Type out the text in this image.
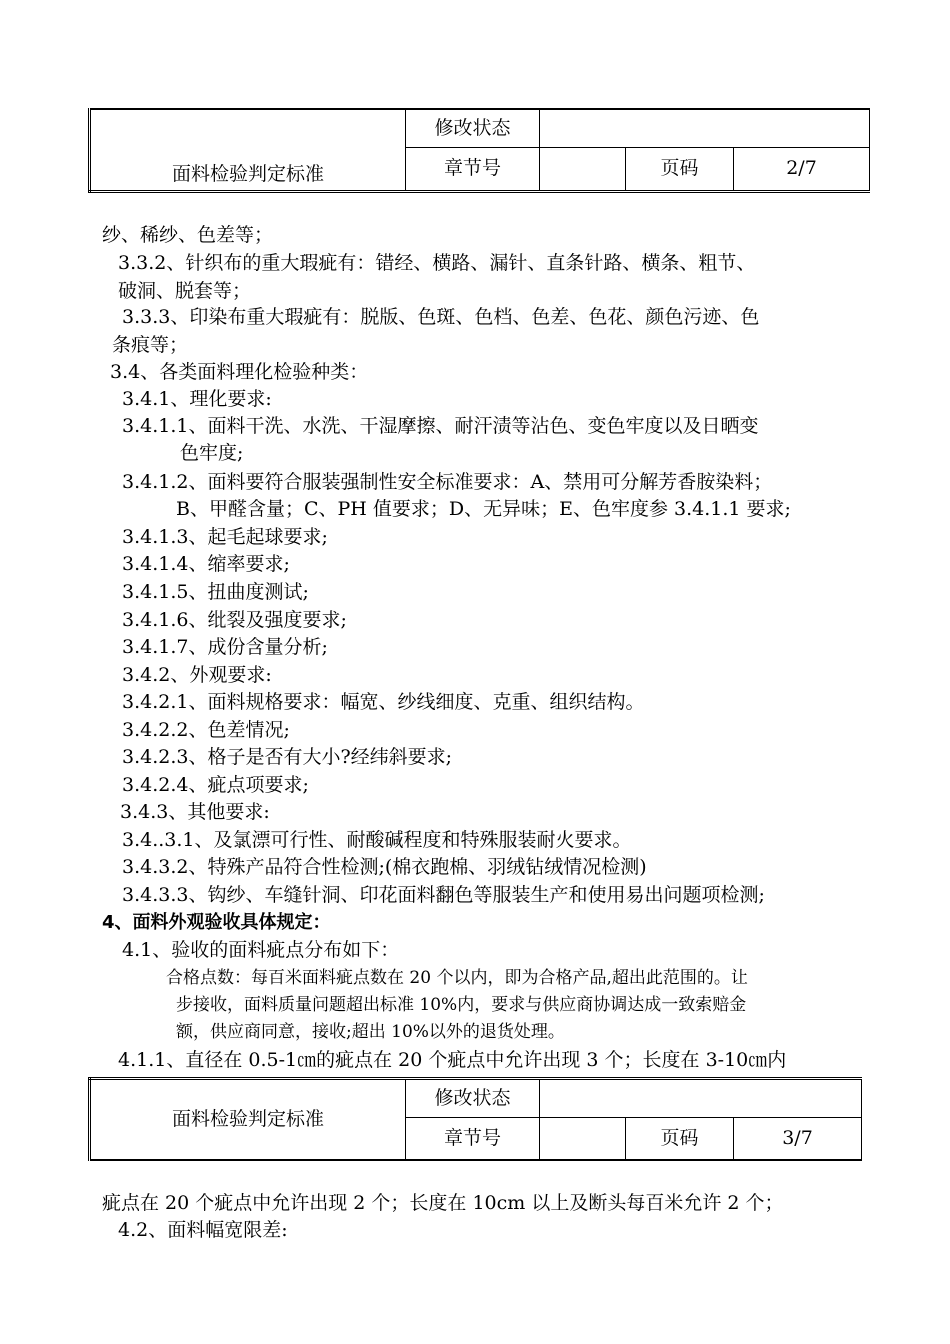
面料检验判定标准	修改状态			
	章节号		页码	2/7
纱、稀纱、色差等；
3.3.2、针织布的重大瑕疵有：错经、横路、漏针、直条针路、横条、粗节、
破洞、脱套等；
3.3.3、印染布重大瑕疵有：脱版、色斑、色档、色差、色花、颜色污迹、色
条痕等；
3.4、各类面料理化检验种类：
3.4.1、理化要求:
3.4.1.1、面料干洗、水洗、干湿摩擦、耐汗渍等沾色、变色牢度以及日晒变
色牢度;
3.4.1.2、面料要符合服装强制性安全标准要求：A、禁用可分解芳香胺染料；
B、甲醛含量；C、PH 值要求；D、无异味；E、色牢度参 3.4.1.1 要求;
3.4.1.3、起毛起球要求;
3.4.1.4、缩率要求;
3.4.1.5、扭曲度测试;
3.4.1.6、纰裂及强度要求;
3.4.1.7、成份含量分析;
3.4.2、外观要求:
3.4.2.1、面料规格要求：幅宽、纱线细度、克重、组织结构。
3.4.2.2、色差情况;
3.4.2.3、格子是否有大小?经纬斜要求;
3.4.2.4、疵点项要求;
3.4.3、其他要求:
3.4..3.1、及氯漂可行性、耐酸碱程度和特殊服装耐火要求。
3.4.3.2、特殊产品符合性检测;(棉衣跑棉、羽绒钻绒情况检测)
3.4.3.3、钩纱、车缝针洞、印花面料翻色等服装生产和使用易出问题项检测;
4、面料外观验收具体规定：
4.1、验收的面料疵点分布如下：
合格点数：每百米面料疵点数在 20 个以内，即为合格产品,超出此范围的。让
步接收，面料质量问题超出标准 10%内，要求与供应商协调达成一致索赔金
额，供应商同意，接收;超出 10%以外的退货处理。
4.1.1、直径在 0.5-1㎝的疵点在 20 个疵点中允许出现 3 个；长度在 3-10㎝内
面料检验判定标准	修改状态			
	章节号		页码	3/7
疵点在 20 个疵点中允许出现 2 个；长度在 10cm 以上及断头每百米允许 2 个；
4.2、面料幅宽限差:
